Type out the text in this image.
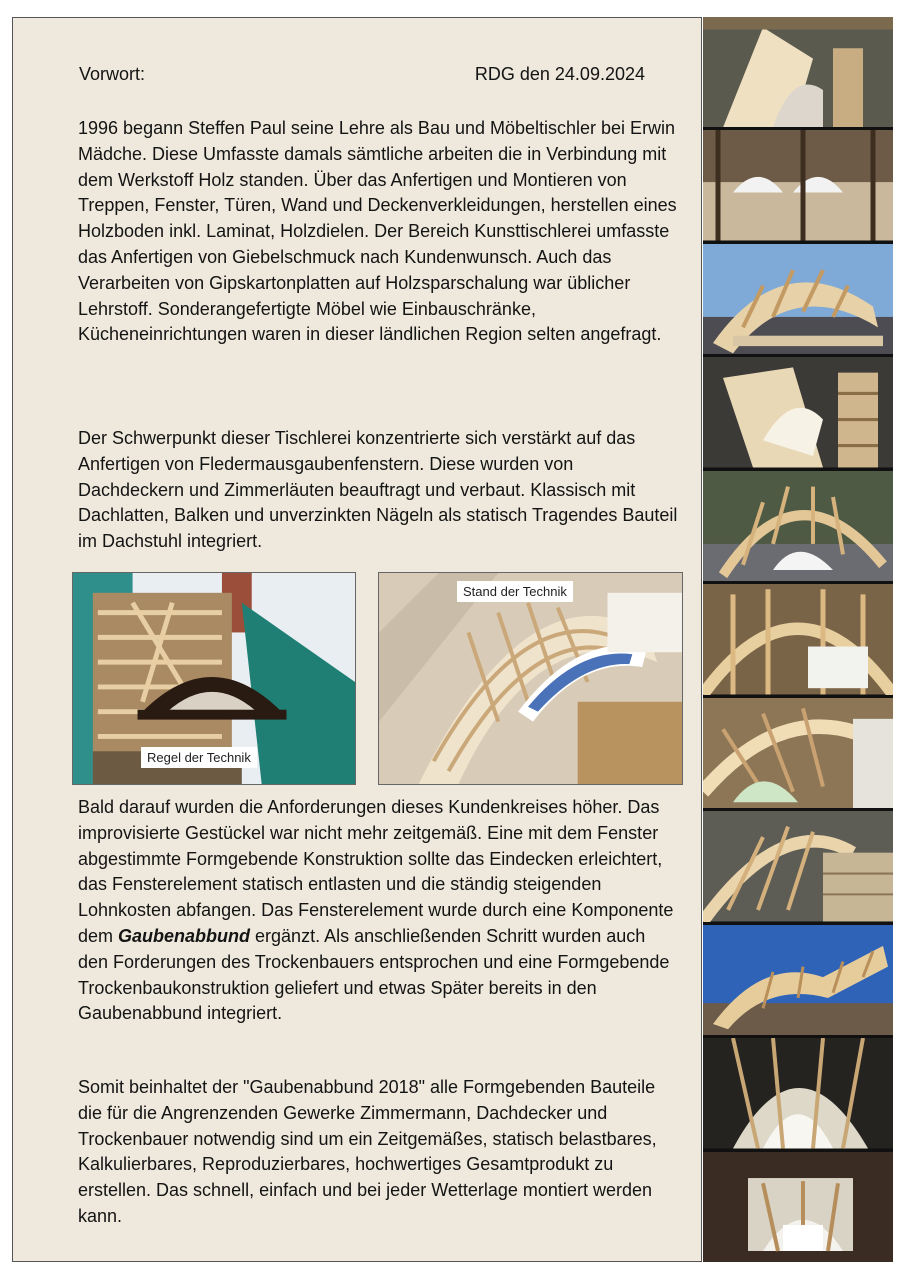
Vorwort:	RDG den 24.09.2024

1996 begann Steffen Paul seine Lehre als Bau und Möbeltischler bei Erwin Mädche. Diese Umfasste damals sämtliche arbeiten die in Verbindung mit dem Werkstoff Holz standen. Über das Anfertigen und Montieren von Treppen, Fenster, Türen, Wand und Deckenverkleidungen, herstellen eines Holzboden inkl. Laminat, Holzdielen. Der Bereich Kunsttischlerei umfasste das Anfertigen von Giebelschmuck nach Kundenwunsch. Auch das Verarbeiten von Gipskartonplatten auf Holzsparschalung war üblicher Lehrstoff. Sonderangefertigte Möbel wie Einbauschränke, Kücheneinrichtungen waren in dieser ländlichen Region selten angefragt.

Der Schwerpunkt dieser Tischlerei konzentrierte sich verstärkt auf das Anfertigen von Fledermausgaubenfenstern. Diese wurden von Dachdeckern und Zimmerläuten beauftragt und verbaut. Klassisch mit Dachlatten, Balken und unverzinkten Nägeln als statisch Tragendes Bauteil im Dachstuhl integriert.

Regel der Technik
Stand der Technik

Bald darauf wurden die Anforderungen dieses Kundenkreises höher. Das improvisierte Gestückel war nicht mehr zeitgemäß. Eine mit dem Fenster abgestimmte Formgebende Konstruktion sollte das Eindecken erleichtert, das Fensterelement statisch entlasten und die ständig steigenden Lohnkosten abfangen. Das Fensterelement wurde durch eine Komponente dem Gaubenabbund ergänzt. Als anschließenden Schritt wurden auch den Forderungen des Trockenbauers entsprochen und eine Formgebende Trockenbaukonstruktion geliefert und etwas Später bereits in den Gaubenabbund integriert.

Somit beinhaltet der "Gaubenabbund 2018" alle Formgebenden Bauteile die für die Angrenzenden Gewerke Zimmermann, Dachdecker und Trockenbauer notwendig sind um ein Zeitgemäßes, statisch belastbares, Kalkulierbares, Reproduzierbares, hochwertiges Gesamtprodukt zu erstellen. Das schnell, einfach und bei jeder Wetterlage montiert werden kann.
